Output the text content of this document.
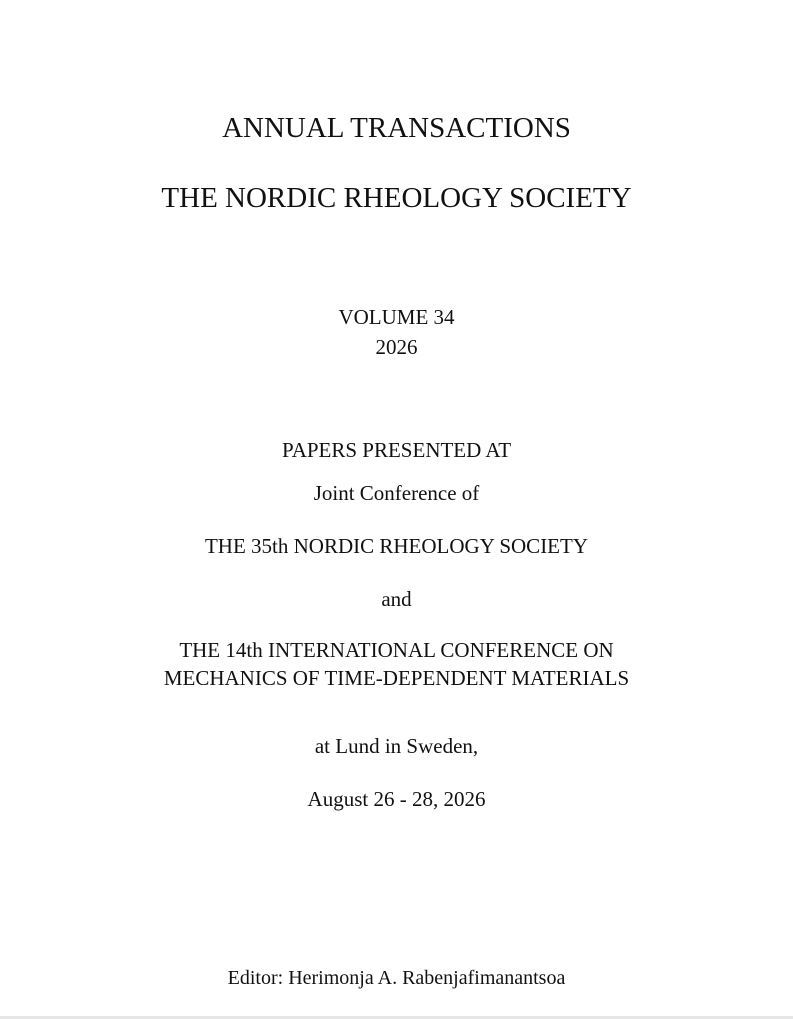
ANNUAL TRANSACTIONS
THE NORDIC RHEOLOGY SOCIETY
VOLUME 34
2026
PAPERS PRESENTED AT
Joint Conference of
THE 35th NORDIC RHEOLOGY SOCIETY
and
THE 14th INTERNATIONAL CONFERENCE ON
MECHANICS OF TIME-DEPENDENT MATERIALS
at Lund in Sweden,
August 26 - 28, 2026
Editor: Herimonja A. Rabenjafimanantsoa
